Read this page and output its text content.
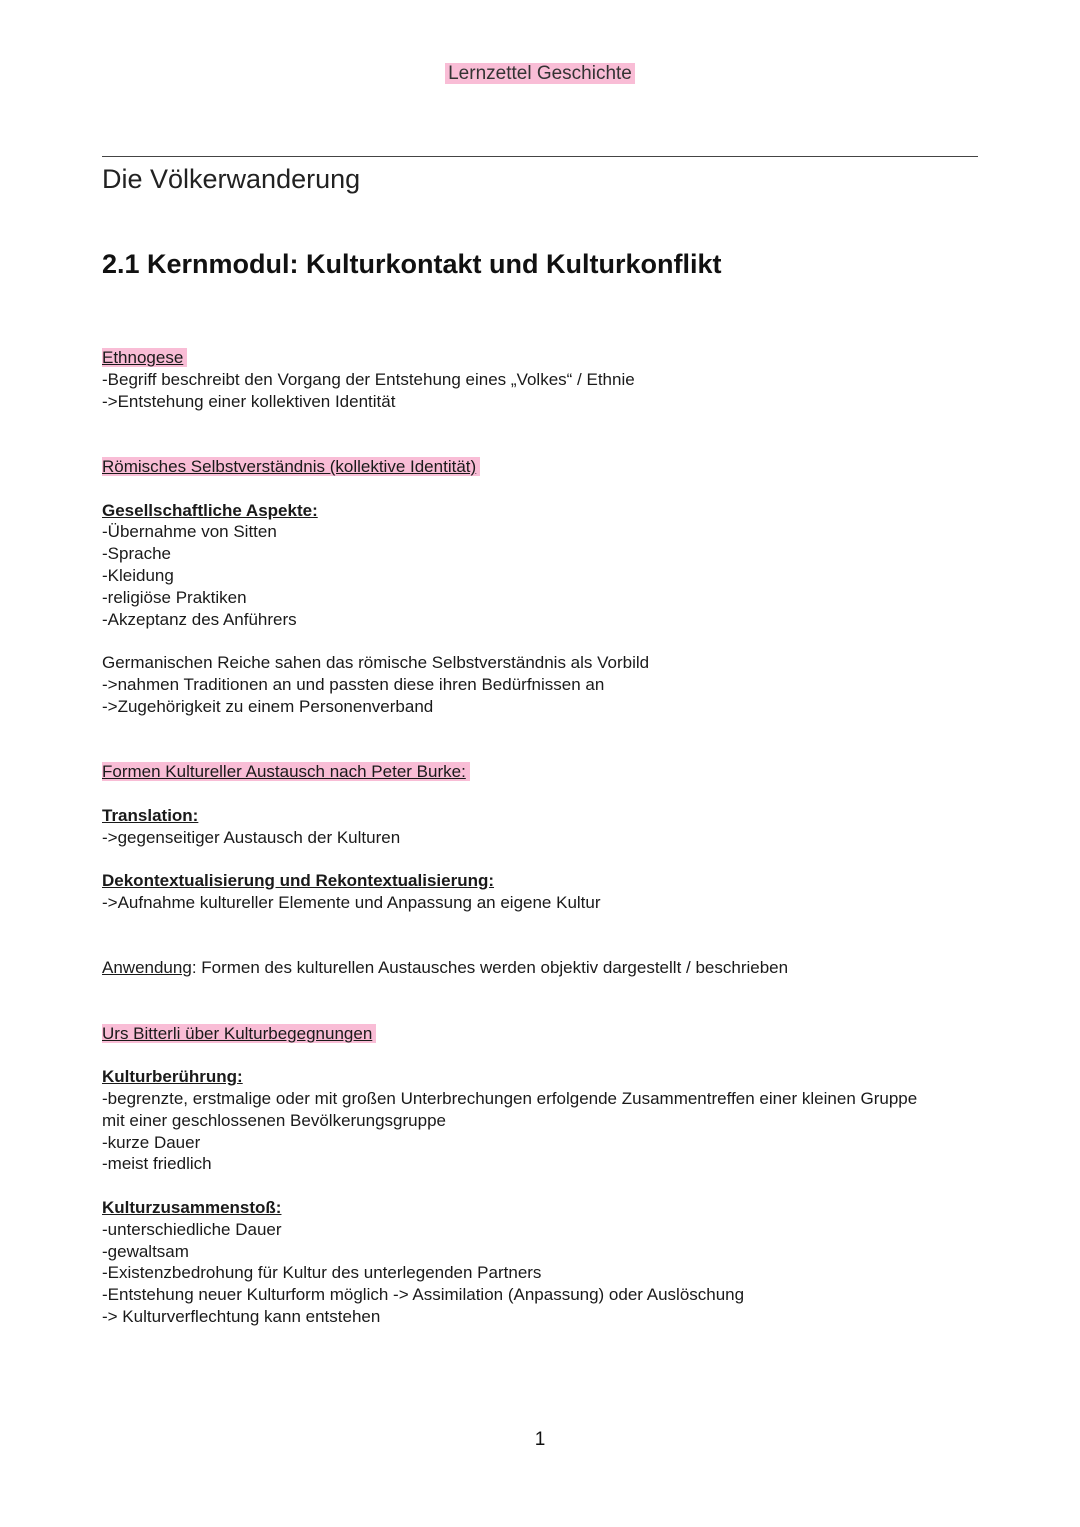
Lernzettel Geschichte
Die Völkerwanderung
2.1 Kernmodul: Kulturkontakt und Kulturkonflikt
Ethnogese
-Begriff beschreibt den Vorgang der Entstehung eines „Volkes“ / Ethnie
->Entstehung einer kollektiven Identität
Römisches Selbstverständnis (kollektive Identität)
Gesellschaftliche Aspekte:
-Übernahme von Sitten
-Sprache
-Kleidung
-religiöse Praktiken
-Akzeptanz des Anführers
Germanischen Reiche sahen das römische Selbstverständnis als Vorbild
->nahmen Traditionen an und passten diese ihren Bedürfnissen an
->Zugehörigkeit zu einem Personenverband
Formen Kultureller Austausch nach Peter Burke:
Translation:
->gegenseitiger Austausch der Kulturen
Dekontextualisierung und Rekontextualisierung:
->Aufnahme kultureller Elemente und Anpassung an eigene Kultur
Anwendung: Formen des kulturellen Austausches werden objektiv dargestellt / beschrieben
Urs Bitterli über Kulturbegegnungen
Kulturberührung:
-begrenzte, erstmalige oder mit großen Unterbrechungen erfolgende Zusammentreffen einer kleinen Gruppe
mit einer geschlossenen Bevölkerungsgruppe
-kurze Dauer
-meist friedlich
Kulturzusammenstoß:
-unterschiedliche Dauer
-gewaltsam
-Existenzbedrohung für Kultur des unterlegenden Partners
-Entstehung neuer Kulturform möglich -> Assimilation (Anpassung) oder Auslöschung
-> Kulturverflechtung kann entstehen
1
